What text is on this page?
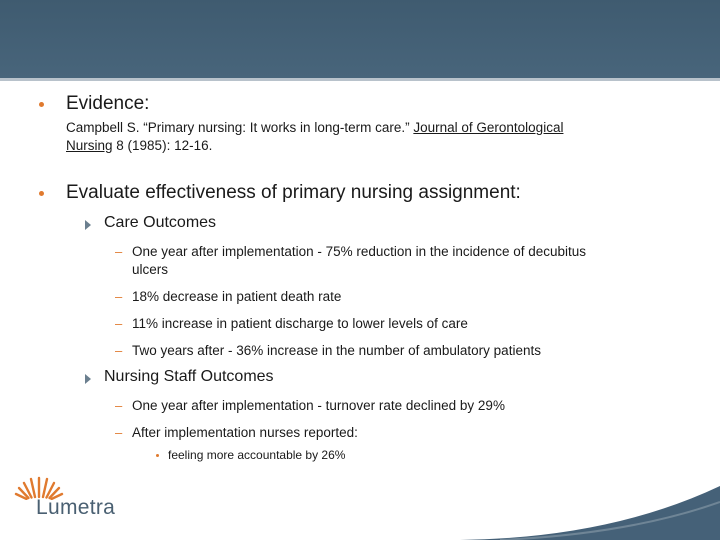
Evidence:
Campbell S. “Primary nursing: It works in long-term care.” Journal of Gerontological
Nursing 8 (1985): 12-16.
Evaluate effectiveness of primary nursing assignment:
Care Outcomes
– One year after implementation - 75% reduction in the incidence of decubitus
ulcers
– 18% decrease in patient death rate
– 11% increase in patient discharge to lower levels of care
– Two years after - 36% increase in the number of ambulatory patients
Nursing Staff Outcomes
– One year after implementation - turnover rate declined by 29%
– After implementation nurses reported:
feeling more accountable by 26%
Lumetra
